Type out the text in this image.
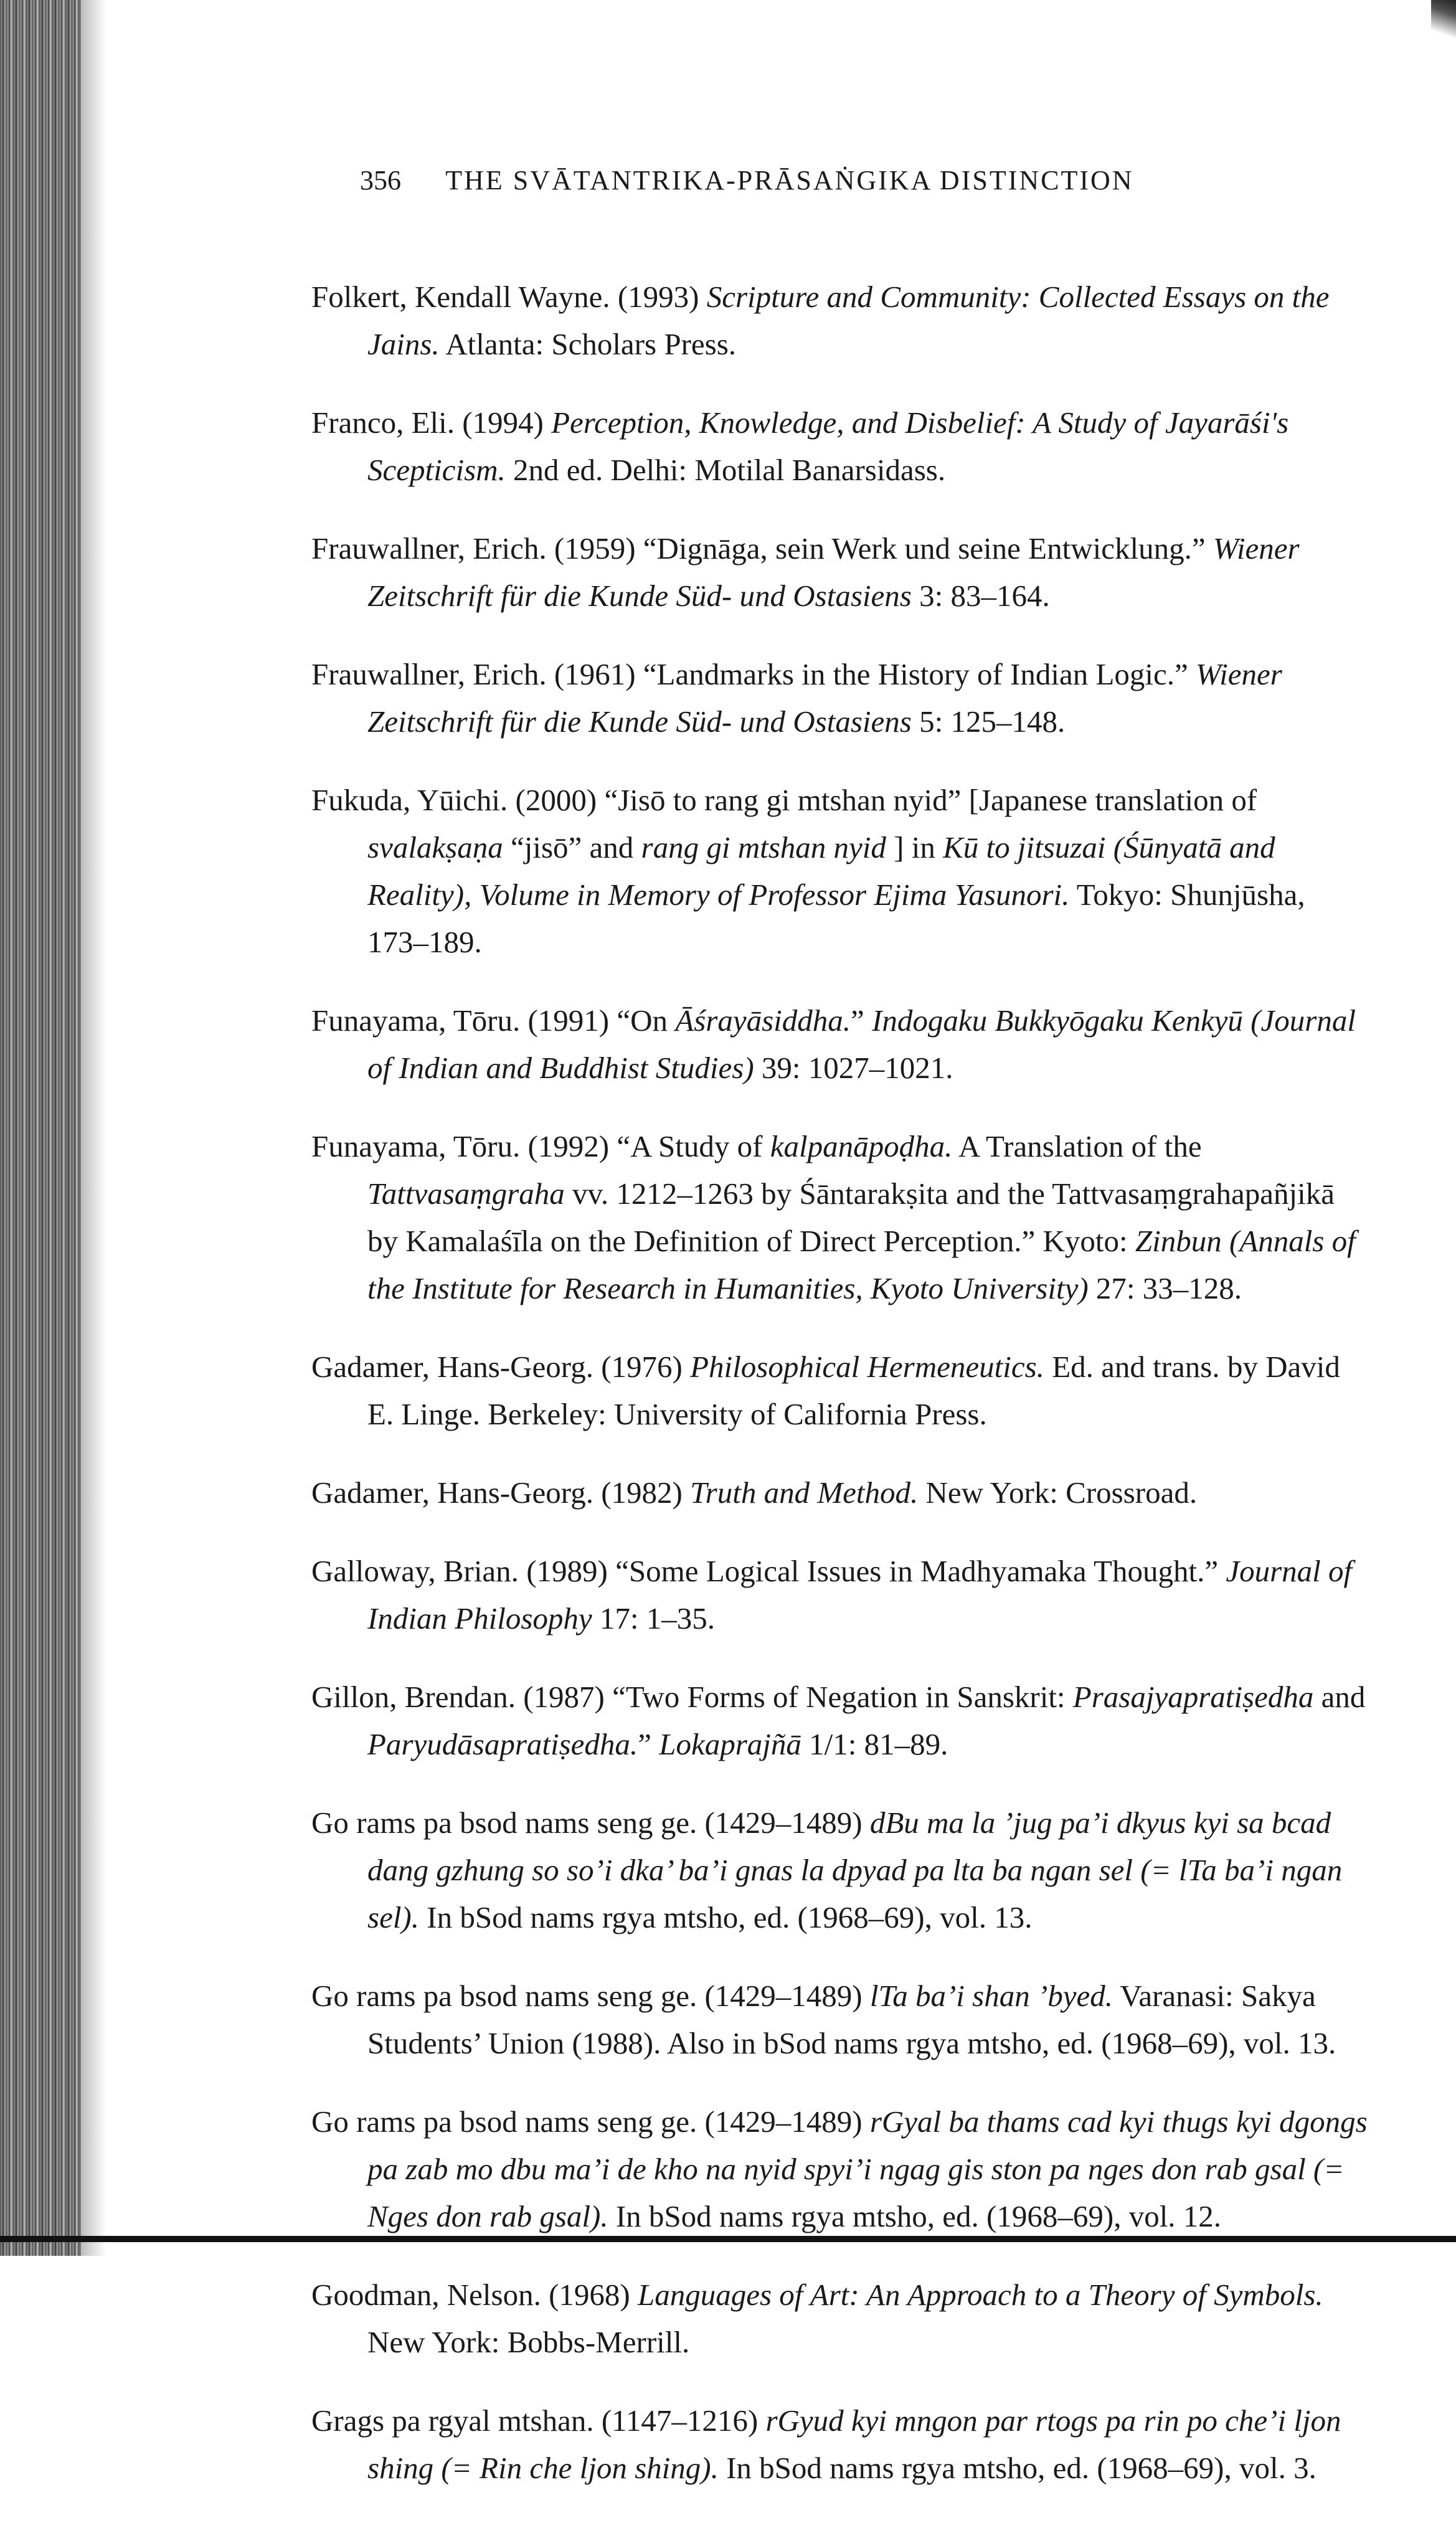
356 THE SVĀTANTRIKA-PRĀSAṄGIKA DISTINCTION

Folkert, Kendall Wayne. (1993) Scripture and Community: Collected Essays on the Jains. Atlanta: Scholars Press.

Franco, Eli. (1994) Perception, Knowledge, and Disbelief: A Study of Jayarāśi's Scepticism. 2nd ed. Delhi: Motilal Banarsidass.

Frauwallner, Erich. (1959) “Dignāga, sein Werk und seine Entwicklung.” Wiener Zeitschrift für die Kunde Süd- und Ostasiens 3: 83–164.

Frauwallner, Erich. (1961) “Landmarks in the History of Indian Logic.” Wiener Zeitschrift für die Kunde Süd- und Ostasiens 5: 125–148.

Fukuda, Yūichi. (2000) “Jisō to rang gi mtshan nyid” [Japanese translation of svalakṣaṇa “jisō” and rang gi mtshan nyid ] in Kū to jitsuzai (Śūnyatā and Reality), Volume in Memory of Professor Ejima Yasunori. Tokyo: Shunjūsha, 173–189.

Funayama, Tōru. (1991) “On Āśrayāsiddha.” Indogaku Bukkyōgaku Kenkyū (Journal of Indian and Buddhist Studies) 39: 1027–1021.

Funayama, Tōru. (1992) “A Study of kalpanāpoḍha. A Translation of the Tattvasaṃgraha vv. 1212–1263 by Śāntarakṣita and the Tattvasaṃgrahapañjikā by Kamalaśīla on the Definition of Direct Perception.” Kyoto: Zinbun (Annals of the Institute for Research in Humanities, Kyoto University) 27: 33–128.

Gadamer, Hans-Georg. (1976) Philosophical Hermeneutics. Ed. and trans. by David E. Linge. Berkeley: University of California Press.

Gadamer, Hans-Georg. (1982) Truth and Method. New York: Crossroad.

Galloway, Brian. (1989) “Some Logical Issues in Madhyamaka Thought.” Journal of Indian Philosophy 17: 1–35.

Gillon, Brendan. (1987) “Two Forms of Negation in Sanskrit: Prasajyapratiṣedha and Paryudāsapratiṣedha.” Lokaprajñā 1/1: 81–89.

Go rams pa bsod nams seng ge. (1429–1489) dBu ma la ’jug pa’i dkyus kyi sa bcad dang gzhung so so’i dka’ ba’i gnas la dpyad pa lta ba ngan sel (= lTa ba’i ngan sel). In bSod nams rgya mtsho, ed. (1968–69), vol. 13.

Go rams pa bsod nams seng ge. (1429–1489) lTa ba’i shan ’byed. Varanasi: Sakya Students’ Union (1988). Also in bSod nams rgya mtsho, ed. (1968–69), vol. 13.

Go rams pa bsod nams seng ge. (1429–1489) rGyal ba thams cad kyi thugs kyi dgongs pa zab mo dbu ma’i de kho na nyid spyi’i ngag gis ston pa nges don rab gsal (= Nges don rab gsal). In bSod nams rgya mtsho, ed. (1968–69), vol. 12.

Goodman, Nelson. (1968) Languages of Art: An Approach to a Theory of Symbols. New York: Bobbs-Merrill.

Grags pa rgyal mtshan. (1147–1216) rGyud kyi mngon par rtogs pa rin po che’i ljon shing (= Rin che ljon shing). In bSod nams rgya mtsho, ed. (1968–69), vol. 3.
